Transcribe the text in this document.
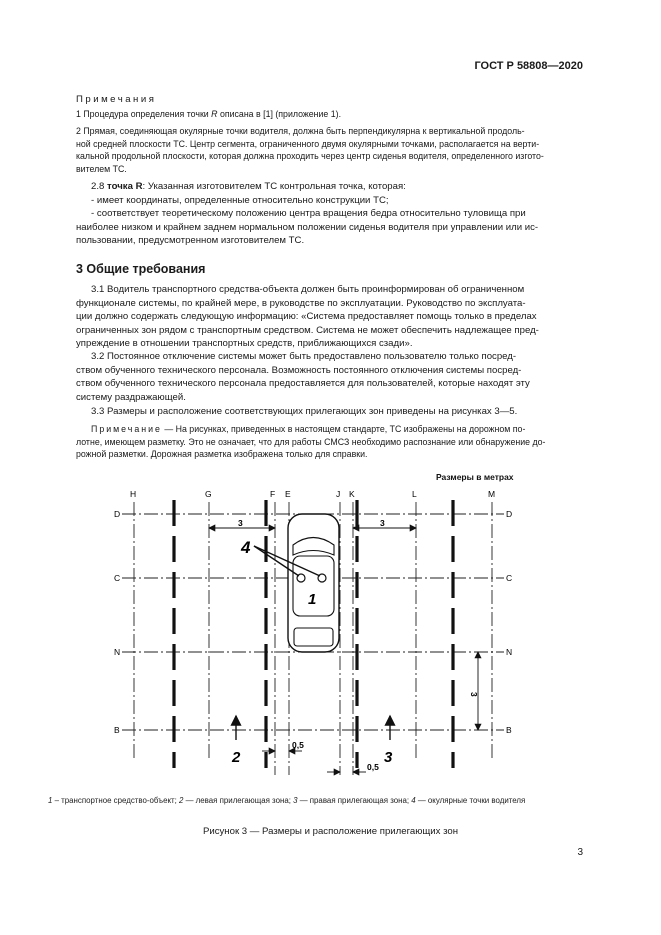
ГОСТ Р 58808—2020
Примечания
1 Процедура определения точки R описана в [1] (приложение 1).
2 Прямая, соединяющая окулярные точки водителя, должна быть перпендикулярна к вертикальной продоль-
ной средней плоскости ТС. Центр сегмента, ограниченного двумя окулярными точками, располагается на верти-
кальной продольной плоскости, которая должна проходить через центр сиденья водителя, определенного изгото-
вителем ТС.
2.8 точка R: Указанная изготовителем ТС контрольная точка, которая:
- имеет координаты, определенные относительно конструкции ТС;
- соответствует теоретическому положению центра вращения бедра относительно туловища при
наиболее низком и крайнем заднем нормальном положении сиденья водителя при управлении или ис-
пользовании, предусмотренном изготовителем ТС.
3 Общие требования
3.1 Водитель транспортного средства-объекта должен быть проинформирован об ограниченном
функционале системы, по крайней мере, в руководстве по эксплуатации. Руководство по эксплуата-
ции должно содержать следующую информацию: «Система предоставляет помощь только в пределах
ограниченных зон рядом с транспортным средством. Система не может обеспечить надлежащее пред-
упреждение в отношении транспортных средств, приближающихся сзади».
3.2 Постоянное отключение системы может быть предоставлено пользователю только посред-
ством обученного технического персонала. Возможность постоянного отключения системы посред-
ством обученного технического персонала предоставляется для пользователей, которые находят эту
систему раздражающей.
3.3 Размеры и расположение соответствующих прилегающих зон приведены на рисунках 3—5.
Примечание — На рисунках, приведенных в настоящем стандарте, ТС изображены на дорожном по-
лотне, имеющем разметку. Это не означает, что для работы СМСЗ необходимо распознание или обнаружение до-
рожной разметки. Дорожная разметка изображена только для справки.
Размеры в метрах
H	G	F E	J K	L	M
D	D
C	C
N	N
B	B
4
1
3	3
3
2	3
0,5
0,5
1 – транспортное средство-объект; 2 — левая прилегающая зона; 3 — правая прилегающая зона; 4 — окулярные точки водителя
Рисунок 3 — Размеры и расположение прилегающих зон
3
